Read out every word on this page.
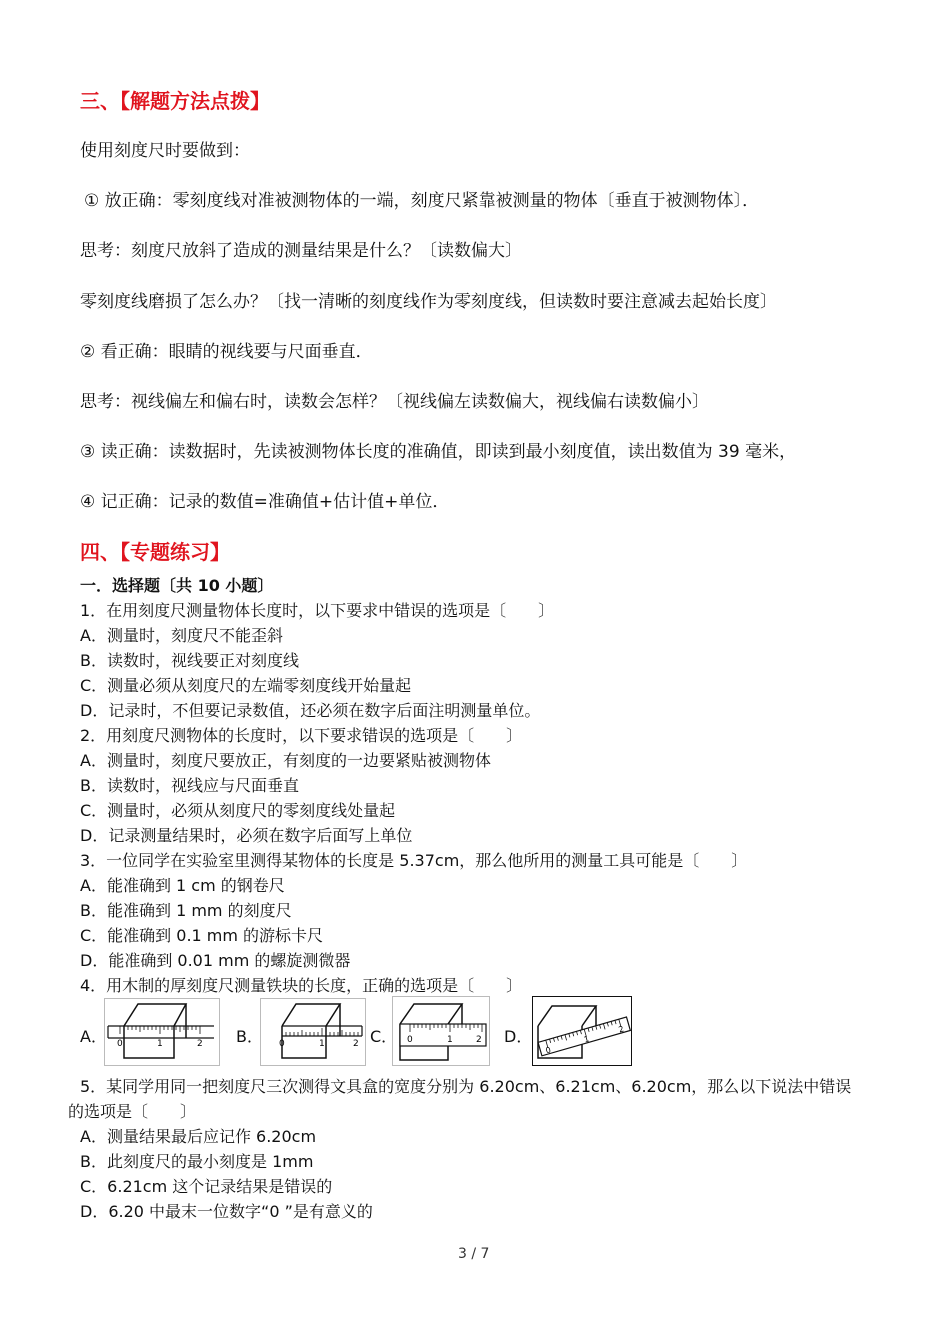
三、【解题方法点拨】
使用刻度尺时要做到：
① 放正确：零刻度线对准被测物体的一端，刻度尺紧靠被测量的物体〔垂直于被测物体〕．
思考：刻度尺放斜了造成的测量结果是什么？〔读数偏大〕
零刻度线磨损了怎么办？〔找一清晰的刻度线作为零刻度线，但读数时要注意减去起始长度〕
② 看正确：眼睛的视线要与尺面垂直．
思考：视线偏左和偏右时，读数会怎样？〔视线偏左读数偏大，视线偏右读数偏小〕
③ 读正确：读数据时，先读被测物体长度的准确值，即读到最小刻度值，读出数值为 39 毫米，
④ 记正确：记录的数值=准确值+估计值+单位．
四、【专题练习】
一．选择题〔共 10 小题〕
1．在用刻度尺测量物体长度时，以下要求中错误的选项是〔　　〕
A．测量时，刻度尺不能歪斜
B．读数时，视线要正对刻度线
C．测量必须从刻度尺的左端零刻度线开始量起
D．记录时，不但要记录数值，还必须在数字后面注明测量单位。
2．用刻度尺测物体的长度时，以下要求错误的选项是〔　　〕
A．测量时，刻度尺要放正，有刻度的一边要紧贴被测物体
B．读数时，视线应与尺面垂直
C．测量时，必须从刻度尺的零刻度线处量起
D．记录测量结果时，必须在数字后面写上单位
3．一位同学在实验室里测得某物体的长度是 5.37cm，那么他所用的测量工具可能是〔　　〕
A．能准确到 1 cm 的钢卷尺
B．能准确到 1 mm 的刻度尺
C．能准确到 0.1 mm 的游标卡尺
D．能准确到 0.01 mm 的螺旋测微器
4．用木制的厚刻度尺测量铁块的长度，正确的选项是〔　　〕
A．	B．	C．	D．
0	1	2	0	1	2	0	1	2
0
1
2
5．某同学用同一把刻度尺三次测得文具盒的宽度分别为 6.20cm、6.21cm、6.20cm，那么以下说法中错误
的选项是〔　　〕
A．测量结果最后应记作 6.20cm
B．此刻度尺的最小刻度是 1mm
C．6.21cm 这个记录结果是错误的
D．6.20 中最末一位数字“0 ”是有意义的
3 / 7
